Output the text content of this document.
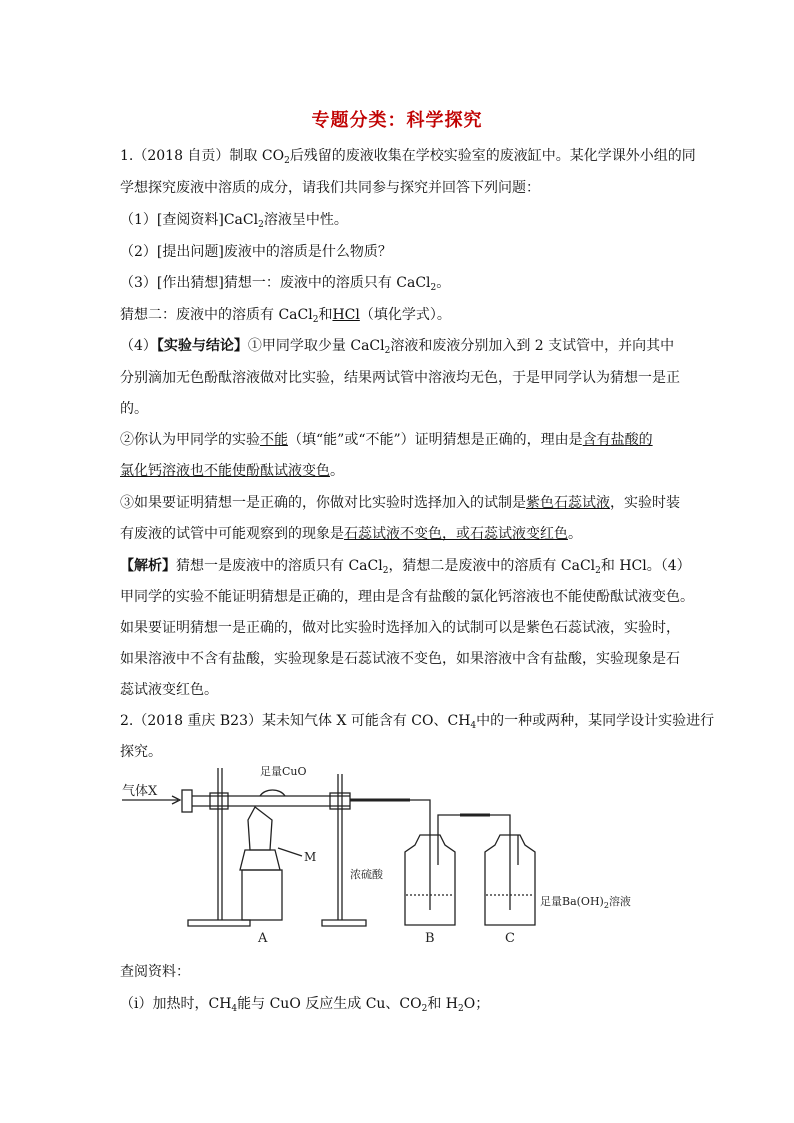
专题分类：科学探究
1.（2018 自贡）制取 $CO_2$后残留的废液收集在学校实验室的废液缸中。某化学课外小组的同
学想探究废液中溶质的成分，请我们共同参与探究并回答下列问题：
（1）[查阅资料]CaCl$_2$溶液呈中性。
（2）[提出问题]废液中的溶质是什么物质？
（3）[作出猜想]猜想一：废液中的溶质只有 CaCl$_2$。
猜想二：废液中的溶质有 CaCl$_2$和HCl（填化学式）。
（4）【实验与结论】①甲同学取少量 CaCl$_2$溶液和废液分别加入到 2 支试管中，并向其中
分别滴加无色酚酞溶液做对比实验，结果两试管中溶液均无色，于是甲同学认为猜想一是正
的。
②你认为甲同学的实验不能（填“能”或“不能”）证明猜想是正确的，理由是含有盐酸的
氯化钙溶液也不能使酚酞试液变色。
③如果要证明猜想一是正确的，你做对比实验时选择加入的试制是紫色石蕊试液，实验时装
有废液的试管中可能观察到的现象是石蕊试液不变色，或石蕊试液变红色。
【解析】猜想一是废液中的溶质只有 CaCl$_2$，猜想二是废液中的溶质有 CaCl$_2$和 HCl。（4）
甲同学的实验不能证明猜想是正确的，理由是含有盐酸的氯化钙溶液也不能使酚酞试液变色。
如果要证明猜想一是正确的，做对比实验时选择加入的试制可以是紫色石蕊试液，实验时，
如果溶液中不含有盐酸，实验现象是石蕊试液不变色，如果溶液中含有盐酸，实验现象是石
蕊试液变红色。
2.（2018 重庆 B23）某未知气体 X 可能含有 CO、$CH_4$中的一种或两种，某同学设计实验进行
探究。
气体X
足量CuO
M
A
浓硫酸
B
足量$Ba(OH)_2$溶液
C
查阅资料：
（ⅰ）加热时，$CH_4$能与 CuO 反应生成 Cu、$CO_2$和 $H_2O$；
